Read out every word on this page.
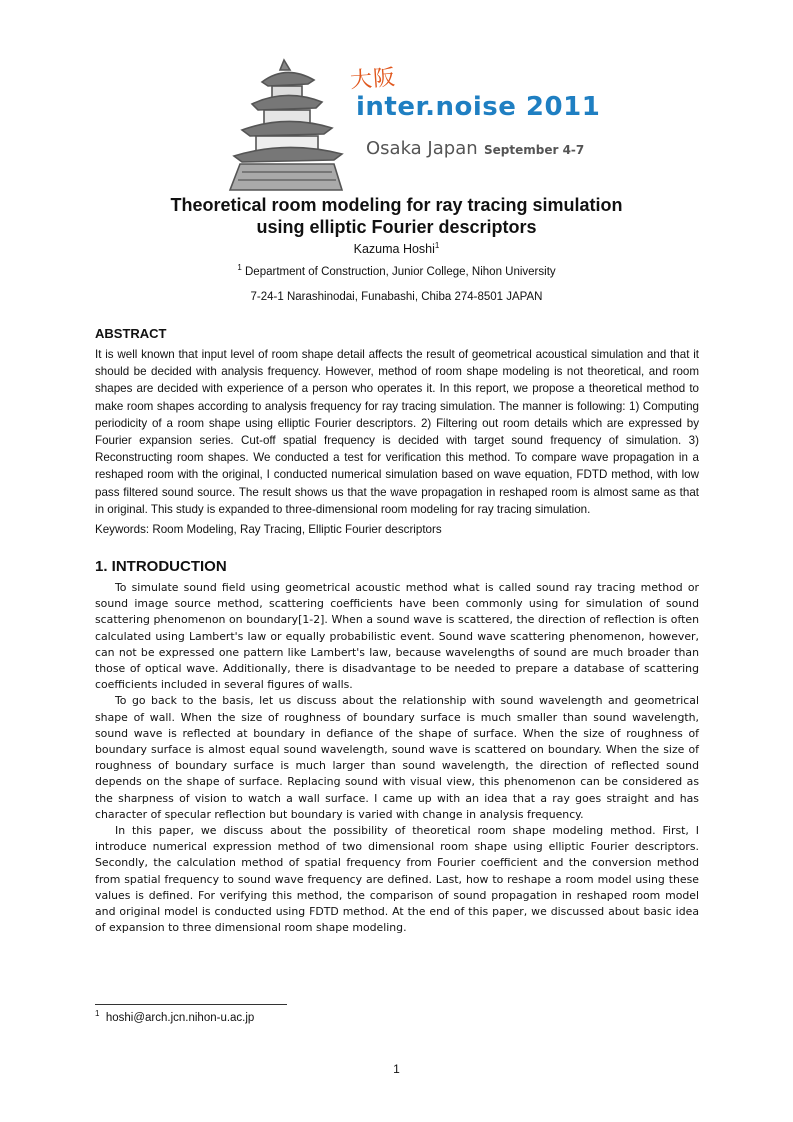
大阪
inter.noise 2011
Osaka Japan September 4-7
Theoretical room modeling for ray tracing simulation
using elliptic Fourier descriptors
Kazuma Hoshi$^1$
$^1$ Department of Construction, Junior College, Nihon University
7-24-1 Narashinodai, Funabashi, Chiba 274-8501 JAPAN
ABSTRACT

It is well known that input level of room shape detail affects the result of geometrical acoustical simulation and that it should be decided with analysis frequency. However, method of room shape modeling is not theoretical, and room shapes are decided with experience of a person who operates it. In this report, we propose a theoretical method to make room shapes according to analysis frequency for ray tracing simulation. The manner is following: 1) Computing periodicity of a room shape using elliptic Fourier descriptors. 2) Filtering out room details which are expressed by Fourier expansion series. Cut-off spatial frequency is decided with target sound frequency of simulation. 3) Reconstructing room shapes. We conducted a test for verification this method. To compare wave propagation in a reshaped room with the original, I conducted numerical simulation based on wave equation, FDTD method, with low pass filtered sound source. The result shows us that the wave propagation in reshaped room is almost same as that in original. This study is expanded to three-dimensional room modeling for ray tracing simulation.

Keywords: Room Modeling, Ray Tracing, Elliptic Fourier descriptors
1. INTRODUCTION

To simulate sound field using geometrical acoustic method what is called sound ray tracing method or sound image source method, scattering coefficients have been commonly using for simulation of sound scattering phenomenon on boundary[1-2]. When a sound wave is scattered, the direction of reflection is often calculated using Lambert's law or equally probabilistic event. Sound wave scattering phenomenon, however, can not be expressed one pattern like Lambert's law, because wavelengths of sound are much broader than those of optical wave. Additionally, there is disadvantage to be needed to prepare a database of scattering coefficients included in several figures of walls.

To go back to the basis, let us discuss about the relationship with sound wavelength and geometrical shape of wall. When the size of roughness of boundary surface is much smaller than sound wavelength, sound wave is reflected at boundary in defiance of the shape of surface. When the size of roughness of boundary surface is almost equal sound wavelength, sound wave is scattered on boundary. When the size of roughness of boundary surface is much larger than sound wavelength, the direction of reflected sound depends on the shape of surface. Replacing sound with visual view, this phenomenon can be considered as the sharpness of vision to watch a wall surface. I came up with an idea that a ray goes straight and has character of specular reflection but boundary is varied with change in analysis frequency.

In this paper, we discuss about the possibility of theoretical room shape modeling method. First, I introduce numerical expression method of two dimensional room shape using elliptic Fourier descriptors. Secondly, the calculation method of spatial frequency from Fourier coefficient and the conversion method from spatial frequency to sound wave frequency are defined. Last, how to reshape a room model using these values is defined. For verifying this method, the comparison of sound propagation in reshaped room model and original model is conducted using FDTD method. At the end of this paper, we discussed about basic idea of expansion to three dimensional room shape modeling.

$^1$ hoshi@arch.jcn.nihon-u.ac.jp
1
